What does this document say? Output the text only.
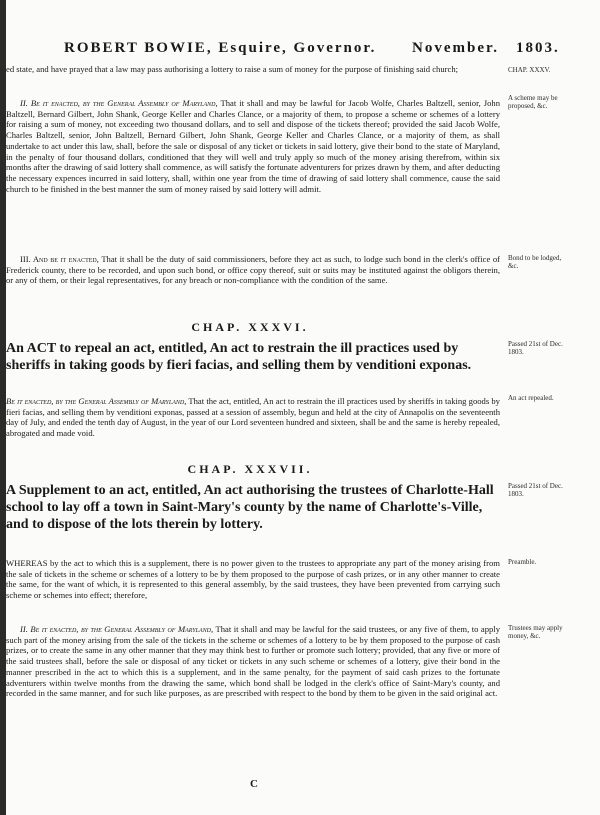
ROBERT BOWIE, Esquire, Governor. November. 1803.
CHAP. XXXV.
A scheme may be proposed, &c.
Bond to be lodged, &c.
Passed 21st of Dec. 1803.
An act repealed.
Passed 21st of Dec. 1803.
Preamble.
Trustees may apply money, &c.

ed state, and have prayed that a law may pass authorising a lottery to raise a sum of money for the purpose of finishing said church;

II. Be it enacted, by the General Assembly of Maryland, That it shall and may be lawful for Jacob Wolfe, Charles Baltzell, senior, John Baltzell, Bernard Gilbert, John Shank, George Keller and Charles Clance, or a majority of them, to propose a scheme or schemes of a lottery for raising a sum of money, not exceeding two thousand dollars, and to sell and dispose of the tickets thereof; provided the said Jacob Wolfe, Charles Baltzell, senior, John Baltzell, Bernard Gilbert, John Shank, George Keller and Charles Clance, or a majority of them, as shall undertake to act under this law, shall, before the sale or disposal of any ticket or tickets in said lottery, give their bond to the state of Maryland, in the penalty of four thousand dollars, conditioned that they will well and truly apply so much of the money arising therefrom, within six months after the drawing of said lottery shall commence, as will satisfy the fortunate adventurers for prizes drawn by them, and after deducting the necessary expences incurred in said lottery, shall, within one year from the time of drawing of said lottery shall commence, cause the said church to be finished in the best manner the sum of money raised by said lottery will admit.

III. And be it enacted, That it shall be the duty of said commissioners, before they act as such, to lodge such bond in the clerk's office of Frederick county, there to be recorded, and upon such bond, or office copy thereof, suit or suits may be instituted against the obligors therein, or any of them, or their legal representatives, for any breach or non-compliance with the condition of the same.

CHAP. XXXVI.
An ACT to repeal an act, entitled, An act to restrain the ill practices used by sheriffs in taking goods by fieri facias, and selling them by venditioni exponas.

Be it enacted, by the General Assembly of Maryland, That the act, entitled, An act to restrain the ill practices used by sheriffs in taking goods by fieri facias, and selling them by venditioni exponas, passed at a session of assembly, begun and held at the city of Annapolis on the seventeenth day of July, and ended the tenth day of August, in the year of our Lord seventeen hundred and sixteen, shall be and the same is hereby repealed, abrogated and made void.

CHAP. XXXVII.
A Supplement to an act, entitled, An act authorising the trustees of Charlotte-Hall school to lay off a town in Saint-Mary's county by the name of Charlotte's-Ville, and to dispose of the lots therein by lottery.

WHEREAS by the act to which this is a supplement, there is no power given to the trustees to appropriate any part of the money arising from the sale of tickets in the scheme or schemes of a lottery to be by them proposed to the purpose of cash prizes, or in any other manner to create the same, for the want of which, it is represented to this general assembly, by the said trustees, they have been prevented from carrying such scheme or schemes into effect; therefore,

II. Be it enacted, by the General Assembly of Maryland, That it shall and may be lawful for the said trustees, or any five of them, to apply such part of the money arising from the sale of the tickets in the scheme or schemes of a lottery to be by them proposed to the purpose of cash prizes, or to create the same in any other manner that they may think best to further or promote such lottery; provided, that any five or more of the said trustees shall, before the sale or disposal of any ticket or tickets in any such scheme or schemes of a lottery, give their bond in the manner prescribed in the act to which this is a supplement, and in the same penalty, for the payment of said cash prizes to the fortunate adventurers within twelve months from the drawing the same, which bond shall be lodged in the clerk's office of Saint-Mary's county, and recorded in the same manner, and for such like purposes, as are prescribed with respect to the bond by them to be given in the said original act.

C
